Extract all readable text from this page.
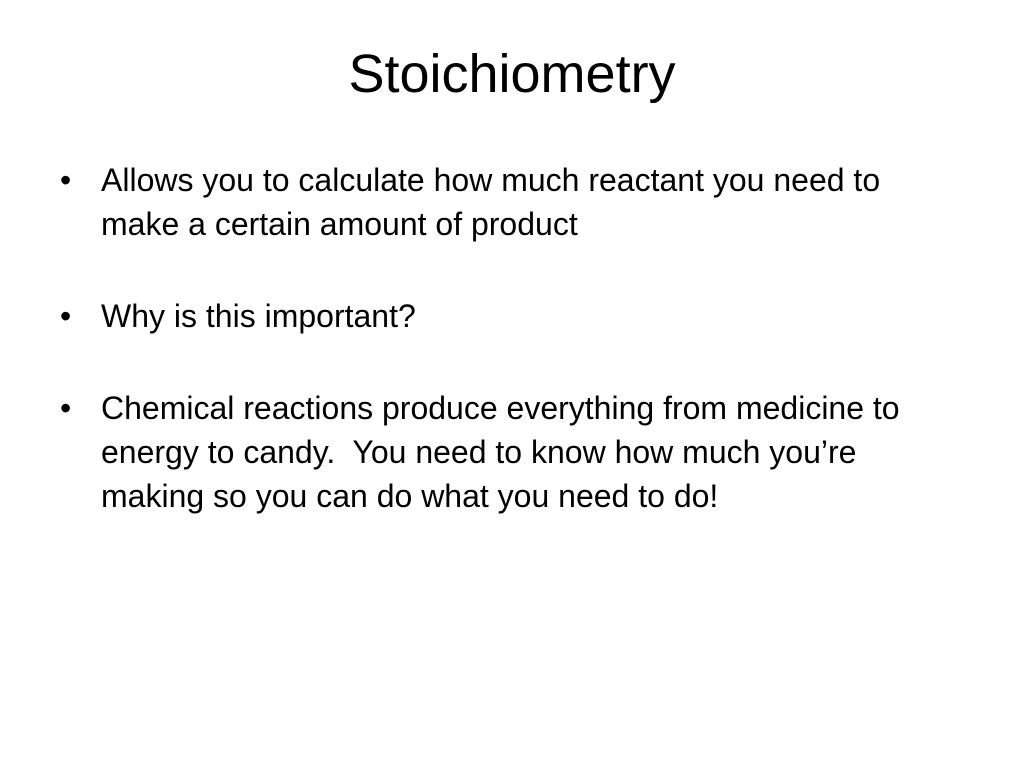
Stoichiometry
• Allows you to calculate how much reactant you need to make a certain amount of product
• Why is this important?
• Chemical reactions produce everything from medicine to energy to candy.  You need to know how much you’re making so you can do what you need to do!
